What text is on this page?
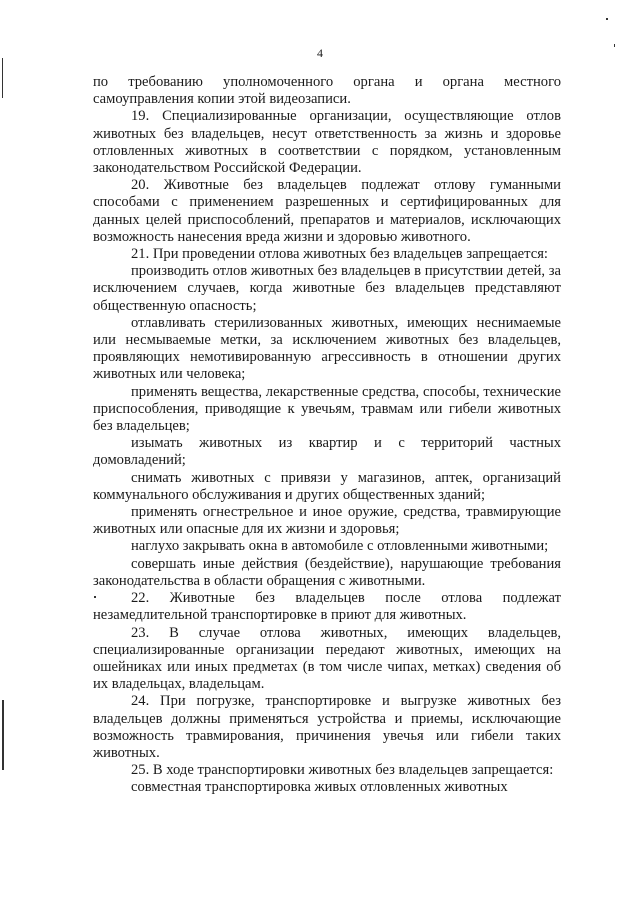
4

по требованию уполномоченного органа и органа местного самоуправления копии этой видеозаписи.

19. Специализированные организации, осуществляющие отлов животных без владельцев, несут ответственность за жизнь и здоровье отловленных животных в соответствии с порядком, установленным законодательством Российской Федерации.

20. Животные без владельцев подлежат отлову гуманными способами с применением разрешенных и сертифицированных для данных целей приспособлений, препаратов и материалов, исключающих возможность нанесения вреда жизни и здоровью животного.

21. При проведении отлова животных без владельцев запрещается:

производить отлов животных без владельцев в присутствии детей, за исключением случаев, когда животные без владельцев представляют общественную опасность;

отлавливать стерилизованных животных, имеющих неснимаемые или несмываемые метки, за исключением животных без владельцев, проявляющих немотивированную агрессивность в отношении других животных или человека;

применять вещества, лекарственные средства, способы, технические приспособления, приводящие к увечьям, травмам или гибели животных без владельцев;

изымать животных из квартир и с территорий частных домовладений;

снимать животных с привязи у магазинов, аптек, организаций коммунального обслуживания и других общественных зданий;

применять огнестрельное и иное оружие, средства, травмирующие животных или опасные для их жизни и здоровья;

наглухо закрывать окна в автомобиле с отловленными животными;

совершать иные действия (бездействие), нарушающие требования законодательства в области обращения с животными.

22. Животные без владельцев после отлова подлежат незамедлительной транспортировке в приют для животных.

23. В случае отлова животных, имеющих владельцев, специализированные организации передают животных, имеющих на ошейниках или иных предметах (в том числе чипах, метках) сведения об их владельцах, владельцам.

24. При погрузке, транспортировке и выгрузке животных без владельцев должны применяться устройства и приемы, исключающие возможность травмирования, причинения увечья или гибели таких животных.

25. В ходе транспортировки животных без владельцев запрещается:

совместная транспортировка живых отловленных животных
